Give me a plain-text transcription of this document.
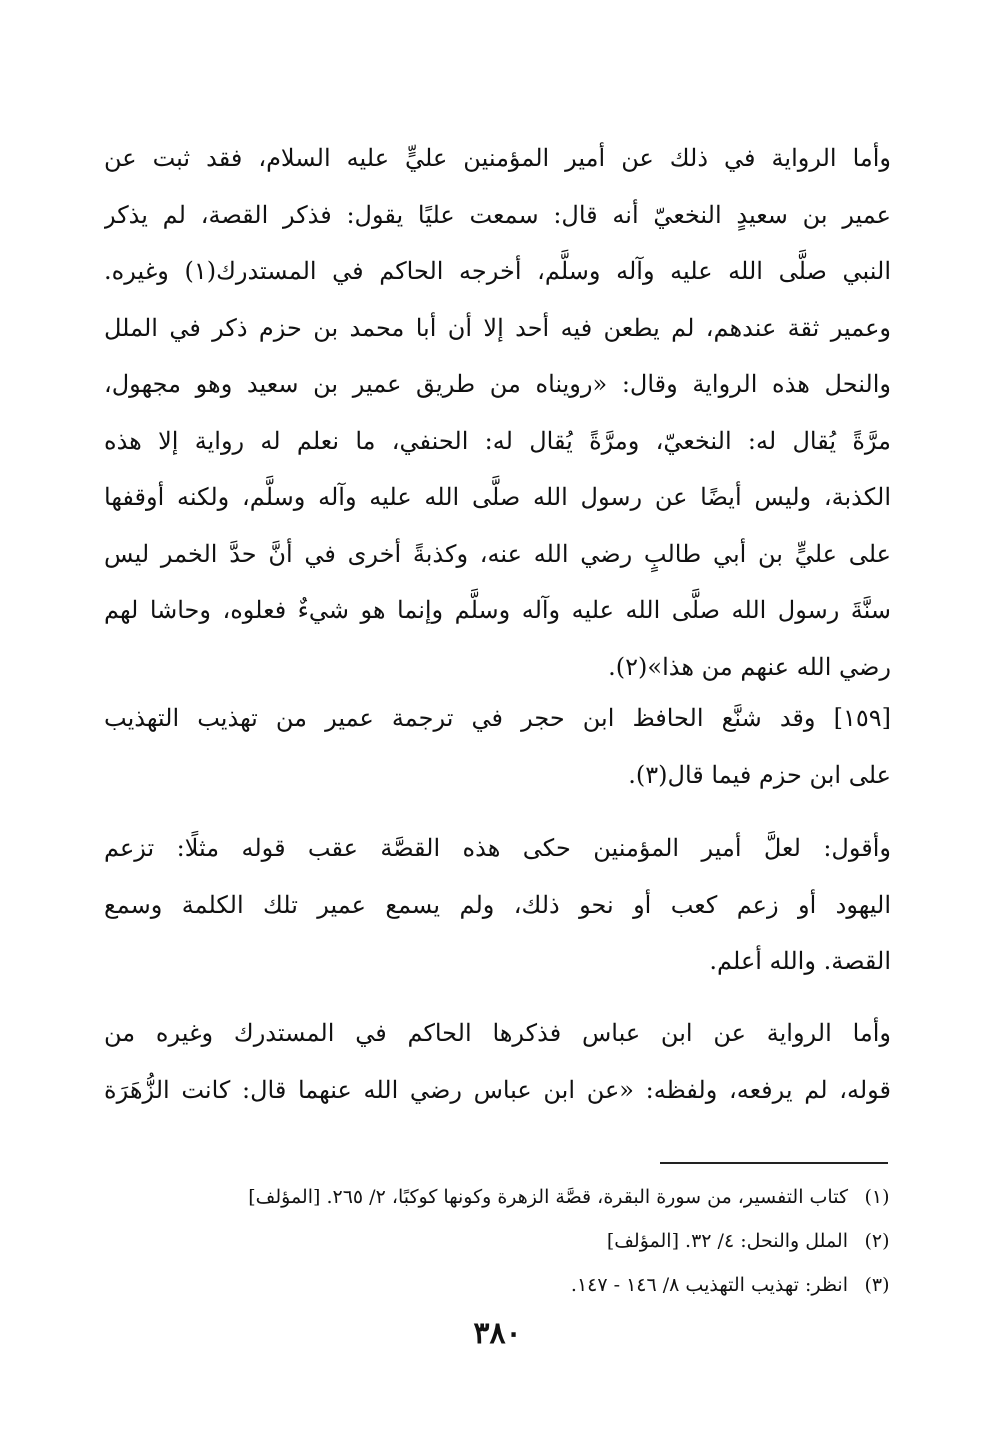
وأما الرواية في ذلك عن أمير المؤمنين عليٍّ عليه السلام، فقد ثبت عن
عمير بن سعيدٍ النخعيّ أنه قال: سمعت عليًا يقول: فذكر القصة، لم يذكر
النبي صلَّى الله عليه وآله وسلَّم، أخرجه الحاكم في المستدرك(١) وغيره.
وعمير ثقة عندهم، لم يطعن فيه أحد إلا أن أبا محمد بن حزم ذكر في الملل
والنحل هذه الرواية وقال: «رويناه من طريق عمير بن سعيد وهو مجهول،
مرَّةً يُقال له: النخعيّ، ومرَّةً يُقال له: الحنفي، ما نعلم له رواية إلا هذه
الكذبة، وليس أيضًا عن رسول الله صلَّى الله عليه وآله وسلَّم، ولكنه أوقفها
على عليٍّ بن أبي طالبٍ رضي الله عنه، وكذبةً أخرى في أنَّ حدَّ الخمر ليس
سنَّةَ رسول الله صلَّى الله عليه وآله وسلَّم وإنما هو شيءٌ فعلوه، وحاشا لهم
رضي الله عنهم من هذا»(٢).
[١٥٩] وقد شنَّع الحافظ ابن حجر في ترجمة عمير من تهذيب التهذيب
على ابن حزم فيما قال(٣).
وأقول: لعلَّ أمير المؤمنين حكى هذه القصَّة عقب قوله مثلًا: تزعم
اليهود أو زعم كعب أو نحو ذلك، ولم يسمع عمير تلك الكلمة وسمع
القصة. والله أعلم.
وأما الرواية عن ابن عباس فذكرها الحاكم في المستدرك وغيره من
قوله، لم يرفعه، ولفظه: «عن ابن عباس رضي الله عنهما قال: كانت الزُّهَرَة
(١)
كتاب التفسير، من سورة البقرة، قصَّة الزهرة وكونها كوكبًا، ٢/ ٢٦٥. [المؤلف]
(٢)
الملل والنحل: ٤/ ٣٢. [المؤلف]
(٣)
انظر: تهذيب التهذيب ٨/ ١٤٦ - ١٤٧.
٣٨٠
